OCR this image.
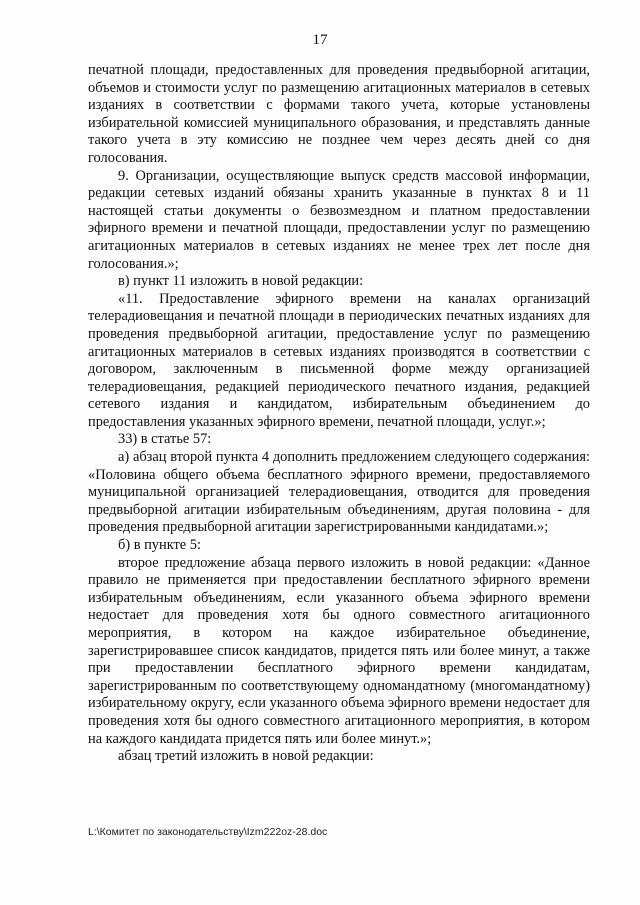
17

печатной площади, предоставленных для проведения предвыборной агитации, объемов и стоимости услуг по размещению агитационных материалов в сетевых изданиях в соответствии с формами такого учета, которые установлены избирательной комиссией муниципального образования, и представлять данные такого учета в эту комиссию не позднее чем через десять дней со дня голосования.

9. Организации, осуществляющие выпуск средств массовой информации, редакции сетевых изданий обязаны хранить указанные в пунктах 8 и 11 настоящей статьи документы о безвозмездном и платном предоставлении эфирного времени и печатной площади, предоставлении услуг по размещению агитационных материалов в сетевых изданиях не менее трех лет после дня голосования.»;

в) пункт 11 изложить в новой редакции:

«11. Предоставление эфирного времени на каналах организаций телерадиовещания и печатной площади в периодических печатных изданиях для проведения предвыборной агитации, предоставление услуг по размещению агитационных материалов в сетевых изданиях производятся в соответствии с договором, заключенным в письменной форме между организацией телерадиовещания, редакцией периодического печатного издания, редакцией сетевого издания и кандидатом, избирательным объединением до предоставления указанных эфирного времени, печатной площади, услуг.»;

33) в статье 57:

а) абзац второй пункта 4 дополнить предложением следующего содержания: «Половина общего объема бесплатного эфирного времени, предоставляемого муниципальной организацией телерадиовещания, отводится для проведения предвыборной агитации избирательным объединениям, другая половина - для проведения предвыборной агитации зарегистрированными кандидатами.»;

б) в пункте 5:

второе предложение абзаца первого изложить в новой редакции: «Данное правило не применяется при предоставлении бесплатного эфирного времени избирательным объединениям, если указанного объема эфирного времени недостает для проведения хотя бы одного совместного агитационного мероприятия, в котором на каждое избирательное объединение, зарегистрировавшее список кандидатов, придется пять или более минут, а также при предоставлении бесплатного эфирного времени кандидатам, зарегистрированным по соответствующему одномандатному (многомандатному) избирательному округу, если указанного объема эфирного времени недостает для проведения хотя бы одного совместного агитационного мероприятия, в котором на каждого кандидата придется пять или более минут.»;

абзац третий изложить в новой редакции:

L:\Комитет по законодательству\Izm222oz-28.doc
